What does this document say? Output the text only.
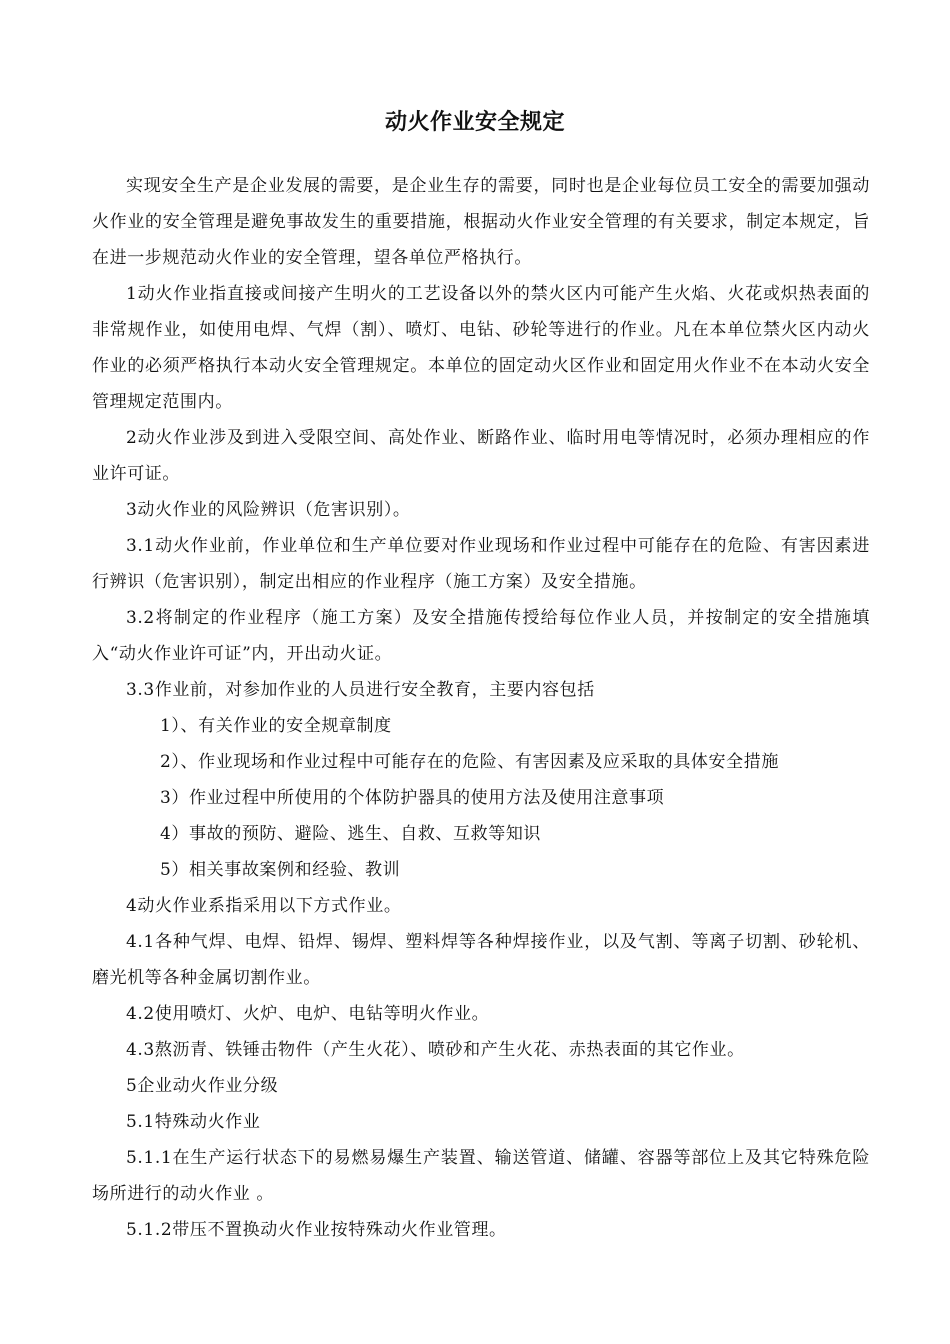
动火作业安全规定

实现安全生产是企业发展的需要，是企业生存的需要，同时也是企业每位员工安全的需要加强动火作业的安全管理是避免事故发生的重要措施，根据动火作业安全管理的有关要求，制定本规定，旨在进一步规范动火作业的安全管理，望各单位严格执行。

1动火作业指直接或间接产生明火的工艺设备以外的禁火区内可能产生火焰、火花或炽热表面的非常规作业，如使用电焊、气焊（割）、喷灯、电钻、砂轮等进行的作业。凡在本单位禁火区内动火作业的必须严格执行本动火安全管理规定。本单位的固定动火区作业和固定用火作业不在本动火安全管理规定范围内。

2动火作业涉及到进入受限空间、高处作业、断路作业、临时用电等情况时，必须办理相应的作业许可证。

3动火作业的风险辨识（危害识别）。

3.1动火作业前，作业单位和生产单位要对作业现场和作业过程中可能存在的危险、有害因素进行辨识（危害识别），制定出相应的作业程序（施工方案）及安全措施。

3.2将制定的作业程序（施工方案）及安全措施传授给每位作业人员，并按制定的安全措施填入“动火作业许可证”内，开出动火证。

3.3作业前，对参加作业的人员进行安全教育，主要内容包括

1）、有关作业的安全规章制度

2）、作业现场和作业过程中可能存在的危险、有害因素及应采取的具体安全措施

3）作业过程中所使用的个体防护器具的使用方法及使用注意事项

4）事故的预防、避险、逃生、自救、互救等知识

5）相关事故案例和经验、教训

4动火作业系指采用以下方式作业。

4.1各种气焊、电焊、铅焊、锡焊、塑料焊等各种焊接作业，以及气割、等离子切割、砂轮机、磨光机等各种金属切割作业。

4.2使用喷灯、火炉、电炉、电钻等明火作业。

4.3熬沥青、铁锤击物件（产生火花）、喷砂和产生火花、赤热表面的其它作业。

5企业动火作业分级

5.1特殊动火作业

5.1.1在生产运行状态下的易燃易爆生产装置、输送管道、储罐、容器等部位上及其它特殊危险场所进行的动火作业 。

5.1.2带压不置换动火作业按特殊动火作业管理。
